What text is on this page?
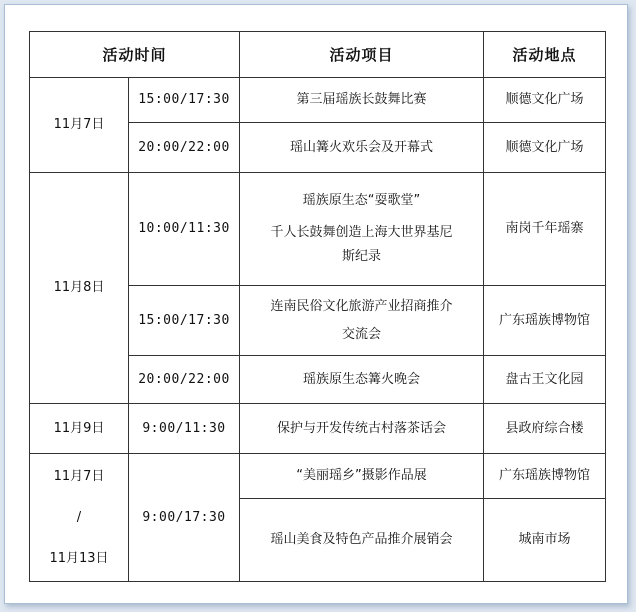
活动时间		活动项目	活动地点
11月7日	15:00/17:30	第三届瑶族长鼓舞比赛	顺德文化广场
	20:00/22:00	瑶山篝火欢乐会及开幕式	顺德文化广场
11月8日	10:00/11:30	瑶族原生态“耍歌堂”
千人长鼓舞创造上海大世界基尼
斯纪录	南岗千年瑶寨
	15:00/17:30	连南民俗文化旅游产业招商推介
交流会	广东瑶族博物馆
	20:00/22:00	瑶族原生态篝火晚会	盘古王文化园
11月9日	9:00/11:30	保护与开发传统古村落茶话会	县政府综合楼

11月7日
/
11月13日	9:00/17:30	“美丽瑶乡”摄影作品展	广东瑶族博物馆
		瑶山美食及特色产品推介展销会	城南市场
